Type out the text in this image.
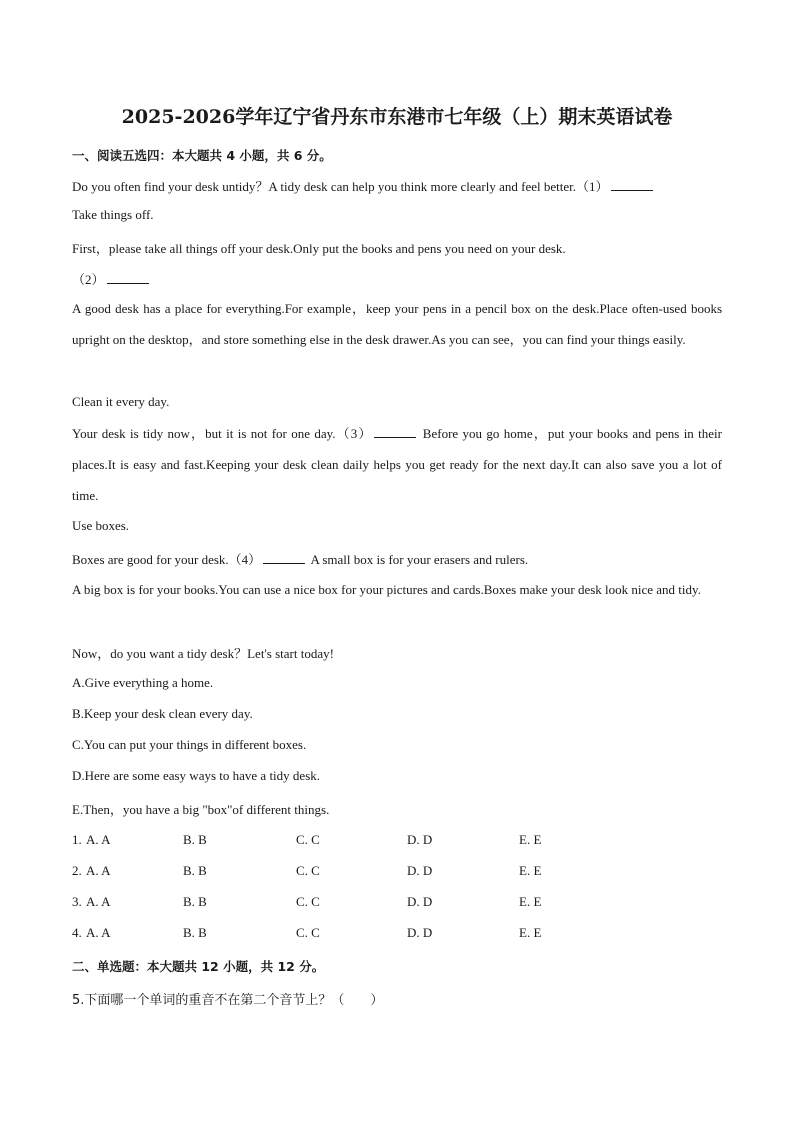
2025-2026学年辽宁省丹东市东港市七年级（上）期末英语试卷

一、阅读五选四：本大题共 4 小题，共 6 分。

Do you often find your desk untidy？A tidy desk can help you think more clearly and feel better.（1）

Take things off.

First，please take all things off your desk.Only put the books and pens you need on your desk.

（2）

A good desk has a place for everything.For example，keep your pens in a pencil box on the desk.Place often-used books upright on the desktop，and store something else in the desk drawer.As you can see，you can find your things easily.

Clean it every day.

Your desk is tidy now，but it is not for one day.（3）	Before you go home，put your books and pens in their places.It is easy and fast.Keeping your desk clean daily helps you get ready for the next day.It can also save you a lot of time.

Use boxes.

Boxes are good for your desk.（4）	A small box is for your erasers and rulers.

A big box is for your books.You can use a nice box for your pictures and cards.Boxes make your desk look nice and tidy.

Now，do you want a tidy desk？Let's start today!

A.Give everything a home.

B.Keep your desk clean every day.

C.You can put your things in different boxes.

D.Here are some easy ways to have a tidy desk.

E.Then，you have a big "box"of different things.

1. A. A	B. B	C. C	D. D	E. E
2. A. A	B. B	C. C	D. D	E. E
3. A. A	B. B	C. C	D. D	E. E
4. A. A	B. B	C. C	D. D	E. E

二、单选题：本大题共 12 小题，共 12 分。

5.下面哪一个单词的重音不在第二个音节上？（　　）
